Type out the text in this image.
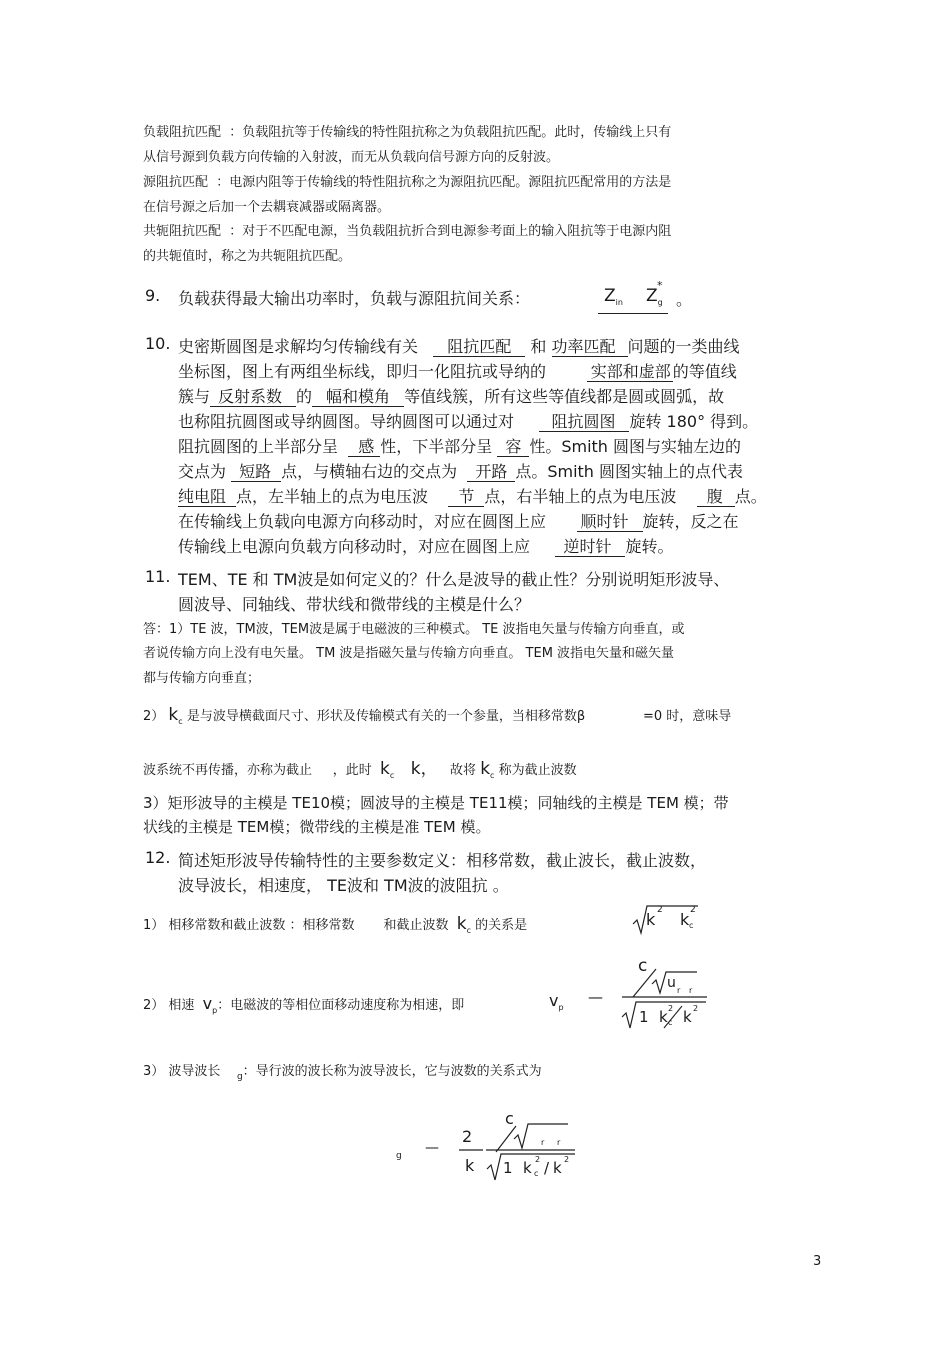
负载阻抗匹配 ：负载阻抗等于传输线的特性阻抗称之为负载阻抗匹配。此时，传输线上只有
从信号源到负载方向传输的入射波，而无从负载向信号源方向的反射波。
源阻抗匹配 ：电源内阻等于传输线的特性阻抗称之为源阻抗匹配。源阻抗匹配常用的方法是
在信号源之后加一个去耦衰减器或隔离器。
共轭阻抗匹配 ：对于不匹配电源，当负载阻抗折合到电源参考面上的输入阻抗等于电源内阻
的共轭值时，称之为共轭阻抗匹配。
9. 负载获得最大输出功率时，负载与源阻抗间关系：	$Z_{in}$ $Z_g$
*
。
10. 史密斯圆图是求解均匀传输线有关 阻抗匹配 和 功率匹配 问题的一类曲线
坐标图，图上有两组坐标线，即归一化阻抗或导纳的	实部和虚部 的等值线
簇与 反射系数 的 幅和模角 等值线簇，所有这些等值线都是圆或圆弧，故
也称阻抗圆图或导纳圆图。导纳圆图可以通过对 阻抗圆图 旋转 180° 得到。
阻抗圆图的上半部分呈 感 性，下半部分呈 容 性。Smith 圆图与实轴左边的
交点为 短路 点，与横轴右边的交点为 开路 点。Smith 圆图实轴上的点代表
纯电阻 点，左半轴上的点为电压波 节 点，右半轴上的点为电压波 腹 点。
在传输线上负载向电源方向移动时，对应在圆图上应 顺时针 旋转，反之在
传输线上电源向负载方向移动时，对应在圆图上应 逆时针 旋转。
11. TEM、TE 和 TM波是如何定义的？什么是波导的截止性？分别说明矩形波导、
圆波导、同轴线、带状线和微带线的主模是什么？
答：1）TE 波，TM波，TEM波是属于电磁波的三种模式。 TE 波指电矢量与传输方向垂直，或
者说传输方向上没有电矢量。 TM 波是指磁矢量与传输方向垂直。 TEM 波指电矢量和磁矢量
都与传输方向垂直；
2） $k_c$ 是与波导横截面尺寸、形状及传输模式有关的一个参量，当相移常数β	=0 时，意味导
波系统不再传播，亦称为截止 ，此时 $k_c$ k， 故将 $k_c$ 称为截止波数
3）矩形波导的主模是 TE10模；圆波导的主模是 TE11模；同轴线的主模是 TEM 模；带
状线的主模是 TEM模；微带线的主模是准 TEM 模。
12. 简述矩形波导传输特性的主要参数定义：相移常数，截止波长，截止波数，
波导波长，相速度， TE波和 TM波的波阻抗 。
1） 相移常数和截止波数 ：相移常数 和截止波数 $k_c$ 的关系是	k 2 k c
2
2） 相速 $v_p$：电磁波的等相位面移动速度称为相速，即	$v_p$
—
c
u r r
1 k 2
c k 2
3） 波导波长 $_g$：导行波的波长称为波导波长，它与波数的关系式为
g —
2
k
c
r r
1 k 2
c / k 2
3
